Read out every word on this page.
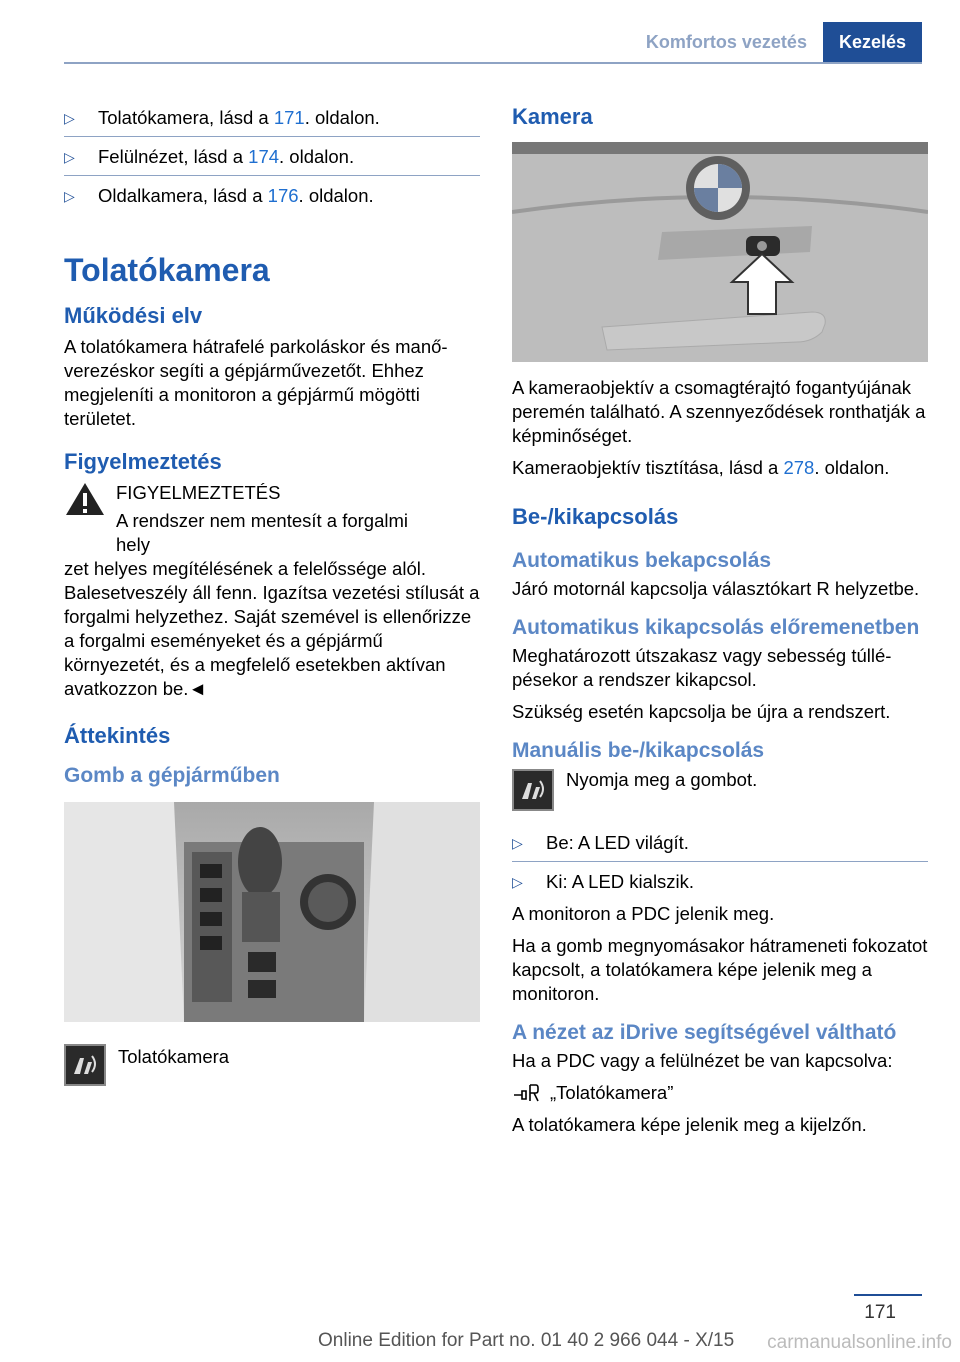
Komfortos vezetés	Kezelés
▷	Tolatókamera, lásd a 171. oldalon.
▷	Felülnézet, lásd a 174. oldalon.
▷	Oldalkamera, lásd a 176. oldalon.
Tolatókamera
Működési elv

A tolatókamera hátrafelé parkoláskor és manőverezéskor segíti a gépjárművezetőt. Ehhez megjeleníti a monitoron a gépjármű mögötti területet.

Figyelmeztetés

FIGYELMEZTETÉS

A rendszer nem mentesít a forgalmi hely

zet helyes megítélésének a felelőssége alól. Balesetveszély áll fenn. Igazítsa vezetési stílusát a forgalmi helyzethez. Saját szemével is ellenőrizze a forgalmi eseményeket és a gépjármű környezetét, és a megfelelő esetekben aktívan avatkozzon be.◄

Áttekintés
Gomb a gépjárműben
Tolatókamera
Kamera

A kameraobjektív a csomagtérajtó fogantyújának peremén található. A szennyeződések ronthatják a képminőséget.

Kameraobjektív tisztítása, lásd a 278. oldalon.

Be-/kikapcsolás
Automatikus bekapcsolás

Járó motornál kapcsolja választókart R helyzetbe.

Automatikus kikapcsolás előremenetben

Meghatározott útszakasz vagy sebesség túllépésekor a rendszer kikapcsol.

Szükség esetén kapcsolja be újra a rendszert.

Manuális be-/kikapcsolás
Nyomja meg a gombot.
▷	Be: A LED világít.
▷	Ki: A LED kialszik.

A monitoron a PDC jelenik meg.

Ha a gomb megnyomásakor hátrameneti fokozatot kapcsolt, a tolatókamera képe jelenik meg a monitoron.

A nézet az iDrive segítségével váltható

Ha a PDC vagy a felülnézet be van kapcsolva:

„Tolatókamera”

A tolatókamera képe jelenik meg a kijelzőn.

171
Online Edition for Part no. 01 40 2 966 044 - X/15 carmanualsonline.info
